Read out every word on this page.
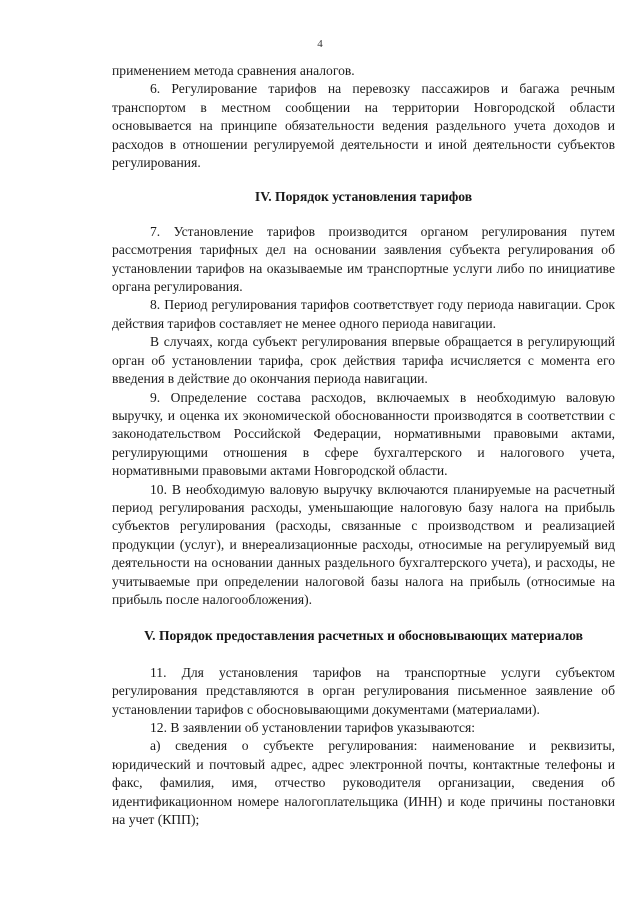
4

применением метода сравнения аналогов.

6. Регулирование тарифов на перевозку пассажиров и багажа речным транспортом в местном сообщении на территории Новгородской области основывается на принципе обязательности ведения раздельного учета доходов и расходов в отношении регулируемой деятельности и иной деятельности субъектов регулирования.

IV. Порядок установления тарифов

7. Установление тарифов производится органом регулирования путем рассмотрения тарифных дел на основании заявления субъекта регулирования об установлении тарифов на оказываемые им транспортные услуги либо по инициативе органа регулирования.

8. Период регулирования тарифов соответствует году периода навигации. Срок действия тарифов составляет не менее одного периода навигации.

В случаях, когда субъект регулирования впервые обращается в регулирующий орган об установлении тарифа, срок действия тарифа исчисляется с момента его введения в действие до окончания периода навигации.

9. Определение состава расходов, включаемых в необходимую валовую выручку, и оценка их экономической обоснованности производятся в соответствии с законодательством Российской Федерации, нормативными правовыми актами, регулирующими отношения в сфере бухгалтерского и налогового учета, нормативными правовыми актами Новгородской области.

10. В необходимую валовую выручку включаются планируемые на расчетный период регулирования расходы, уменьшающие налоговую базу налога на прибыль субъектов регулирования (расходы, связанные с производством и реализацией продукции (услуг), и внереализационные расходы, относимые на регулируемый вид деятельности на основании данных раздельного бухгалтерского учета), и расходы, не учитываемые при определении налоговой базы налога на прибыль (относимые на прибыль после налогообложения).

V. Порядок предоставления расчетных и обосновывающих материалов

11. Для установления тарифов на транспортные услуги субъектом регулирования представляются в орган регулирования письменное заявление об установлении тарифов с обосновывающими документами (материалами).

12. В заявлении об установлении тарифов указываются:

а) сведения о субъекте регулирования: наименование и реквизиты, юридический и почтовый адрес, адрес электронной почты, контактные телефоны и факс, фамилия, имя, отчество руководителя организации, сведения об идентификационном номере налогоплательщика (ИНН) и коде причины постановки на учет (КПП);
